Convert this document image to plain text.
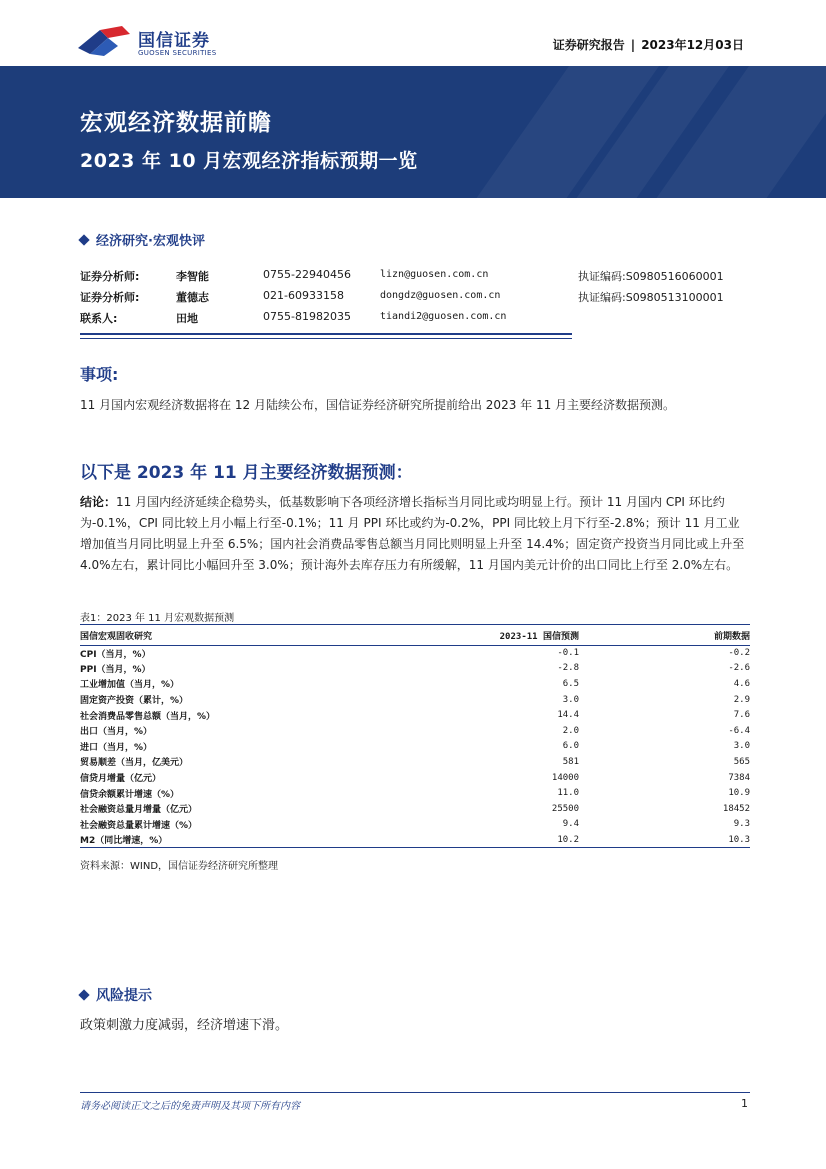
国信证券
GUOSEN SECURITIES
证券研究报告 | 2023年12月03日
宏观经济数据前瞻
2023 年 10 月宏观经济指标预期一览
经济研究·宏观快评
证券分析师:	李智能	0755-22940456	lizn@guosen.com.cn	执证编码:S0980516060001
证券分析师:	董德志	021-60933158	dongdz@guosen.com.cn	执证编码:S0980513100001
联系人:	田地	0755-81982035	tiandi2@guosen.com.cn
事项:
11 月国内宏观经济数据将在 12 月陆续公布，国信证券经济研究所提前给出 2023 年 11 月主要经济数据预测。
以下是 2023 年 11 月主要经济数据预测：
结论：11 月国内经济延续企稳势头，低基数影响下各项经济增长指标当月同比或均明显上行。预计 11 月国内 CPI 环比约为-0.1%，CPI 同比较上月小幅上行至-0.1%；11 月 PPI 环比或约为-0.2%，PPI 同比较上月下行至-2.8%；预计 11 月工业增加值当月同比明显上升至 6.5%；国内社会消费品零售总额当月同比则明显上升至 14.4%；固定资产投资当月同比或上升至 4.0%左右，累计同比小幅回升至 3.0%；预计海外去库存压力有所缓解，11 月国内美元计价的出口同比上行至 2.0%左右。
表1：2023 年 11 月宏观数据预测
国信宏观固收研究	2023-11 国信预测	前期数据
CPI（当月，%）	-0.1	-0.2
PPI（当月，%）	-2.8	-2.6
工业增加值（当月，%）	6.5	4.6
固定资产投资（累计，%）	3.0	2.9
社会消费品零售总额（当月，%）	14.4	7.6
出口（当月，%）	2.0	-6.4
进口（当月，%）	6.0	3.0
贸易顺差（当月，亿美元）	581	565
信贷月增量（亿元）	14000	7384
信贷余额累计增速（%）	11.0	10.9
社会融资总量月增量（亿元）	25500	18452
社会融资总量累计增速（%）	9.4	9.3
M2（同比增速，%）	10.2	10.3
资料来源：WIND，国信证券经济研究所整理
风险提示
政策刺激力度减弱，经济增速下滑。
请务必阅读正文之后的免责声明及其项下所有内容	1
